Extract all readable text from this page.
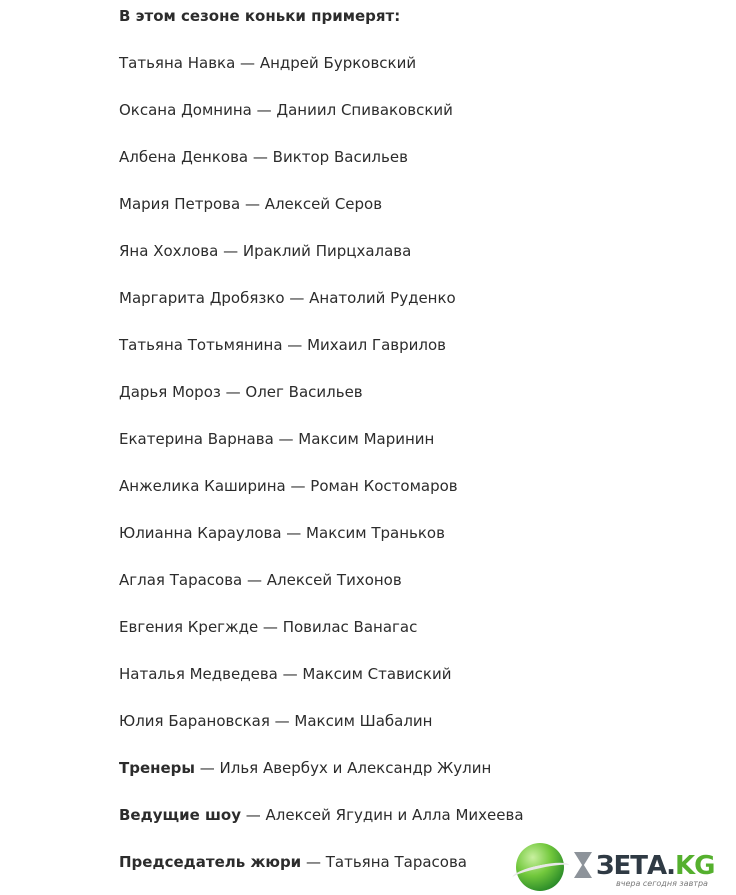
В этом сезоне коньки примерят:
Татьяна Навка — Андрей Бурковский
Оксана Домнина — Даниил Спиваковский
Албена Денкова — Виктор Васильев
Мария Петрова — Алексей Серов
Яна Хохлова — Ираклий Пирцхалава
Маргарита Дробязко — Анатолий Руденко
Татьяна Тотьмянина — Михаил Гаврилов
Дарья Мороз — Олег Васильев
Екатерина Варнава — Максим Маринин
Анжелика Каширина — Роман Костомаров
Юлианна Караулова — Максим Траньков
Аглая Тарасова — Алексей Тихонов
Евгения Крегжде — Повилас Ванагас
Наталья Медведева — Максим Ставиский
Юлия Барановская — Максим Шабалин
Тренеры — Илья Авербух и Александр Жулин
Ведущие шоу — Алексей Ягудин и Алла Михеева
Председатель жюри — Татьяна Тарасова	ЗЕТА.KG
вчера сегодня завтра
